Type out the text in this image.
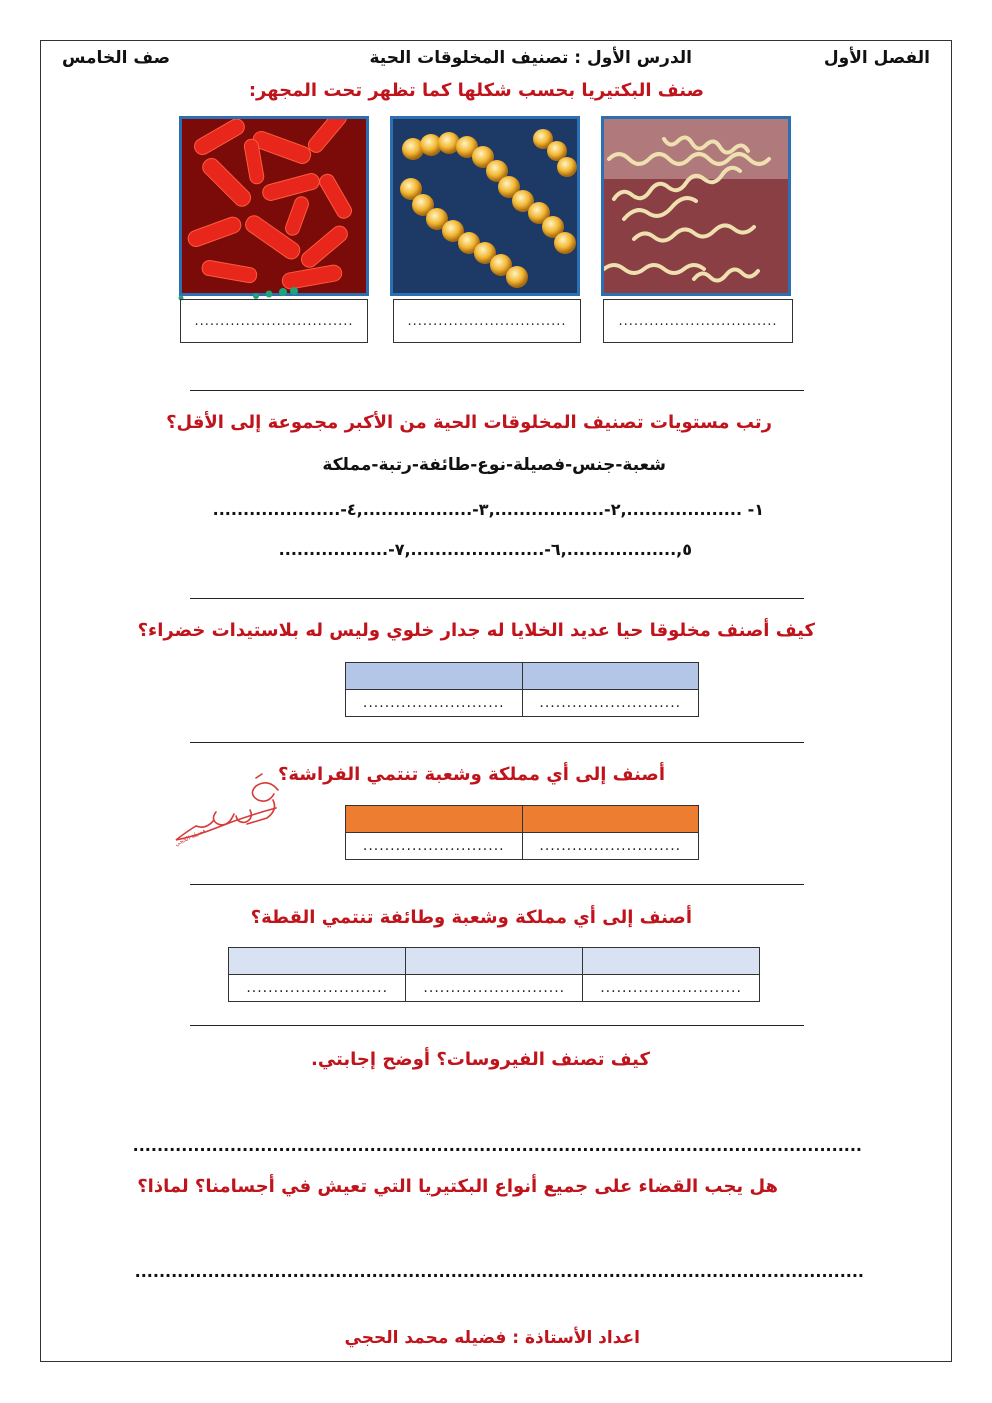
الفصل الأول
الدرس الأول : تصنيف المخلوقات الحية
صف الخامس
صنف البكتيريا بحسب شكلها كما تظهر تحت المجهر:
...............................	...............................	...............................
رتب مستويات تصنيف المخلوقات الحية من الأكبر مجموعة إلى الأقل؟
شعبة-جنس-فصيلة-نوع-طائفة-رتبة-مملكة
١- ...................,٢-..................,٣-..................,٤-.....................
٥,..................,٦-......................,٧-..................
كيف أصنف مخلوقا حيا عديد الخلايا له جدار خلوي وليس له بلاستيدات خضراء؟

..........................	..........................
أصنف إلى أي مملكة وشعبة تنتمي الفراشة؟

..........................	..........................
فضيلة الحجي
أصنف إلى أي مملكة وشعبة وطائفة تنتمي القطة؟

..........................	..........................	..........................
كيف تصنف الفيروسات؟ أوضح إجابتي.
........................................................................................................................
هل يجب القضاء على جميع أنواع البكتيريا التي تعيش في أجسامنا؟ لماذا؟
........................................................................................................................
اعداد الأستاذة : فضيله محمد الحجي
